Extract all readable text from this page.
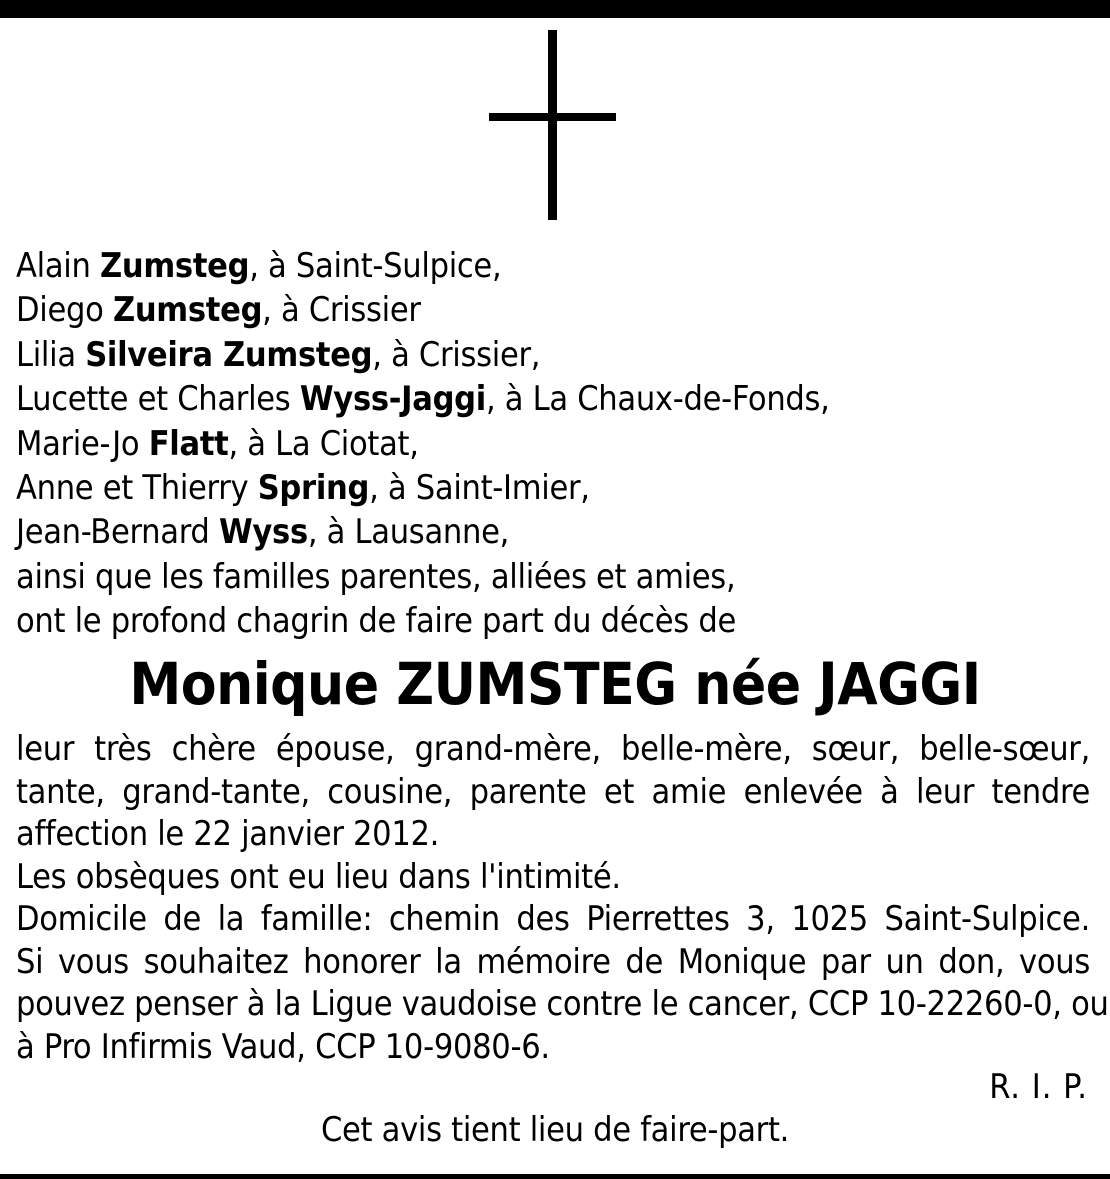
Alain Zumsteg, à Saint-Sulpice,
Diego Zumsteg, à Crissier
Lilia Silveira Zumsteg, à Crissier,
Lucette et Charles Wyss-Jaggi, à La Chaux-de-Fonds,
Marie-Jo Flatt, à La Ciotat,
Anne et Thierry Spring, à Saint-Imier,
Jean-Bernard Wyss, à Lausanne,
ainsi que les familles parentes, alliées et amies,
ont le profond chagrin de faire part du décès de
Monique ZUMSTEG née JAGGI
leur très chère épouse, grand-mère, belle-mère, sœur, belle-sœur,
tante, grand-tante, cousine, parente et amie enlevée à leur tendre
affection le 22 janvier 2012.
Les obsèques ont eu lieu dans l'intimité.
Domicile de la famille: chemin des Pierrettes 3, 1025 Saint-Sulpice.
Si vous souhaitez honorer la mémoire de Monique par un don, vous
pouvez penser à la Ligue vaudoise contre le cancer, CCP 10-22260-0, ou
à Pro Infirmis Vaud, CCP 10-9080-6.
R. I. P.
Cet avis tient lieu de faire-part.
